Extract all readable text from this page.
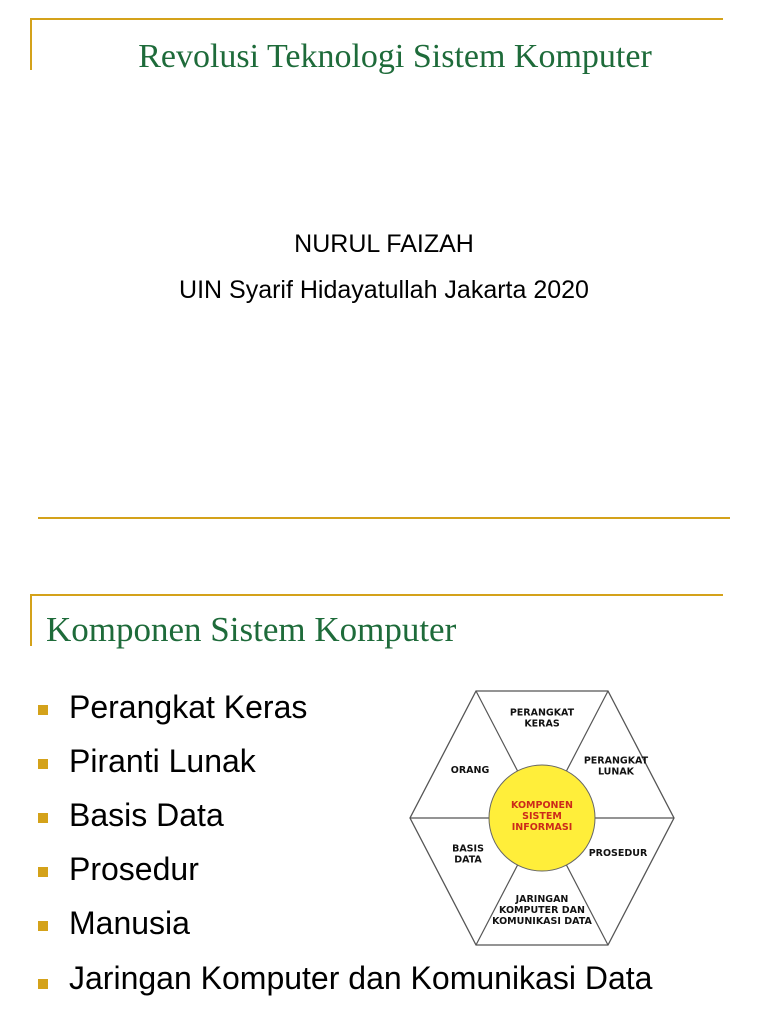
Revolusi Teknologi Sistem Komputer
NURUL FAIZAH
UIN Syarif Hidayatullah Jakarta 2020
Komponen Sistem Komputer
Perangkat Keras
Piranti Lunak
Basis Data
Prosedur
Manusia
Jaringan Komputer dan Komunikasi Data
KOMPONEN
SISTEM
INFORMASI
PERANGKAT
KERAS
PERANGKAT
LUNAK
PROSEDUR
JARINGAN
KOMPUTER DAN
KOMUNIKASI DATA
BASIS
DATA
ORANG
